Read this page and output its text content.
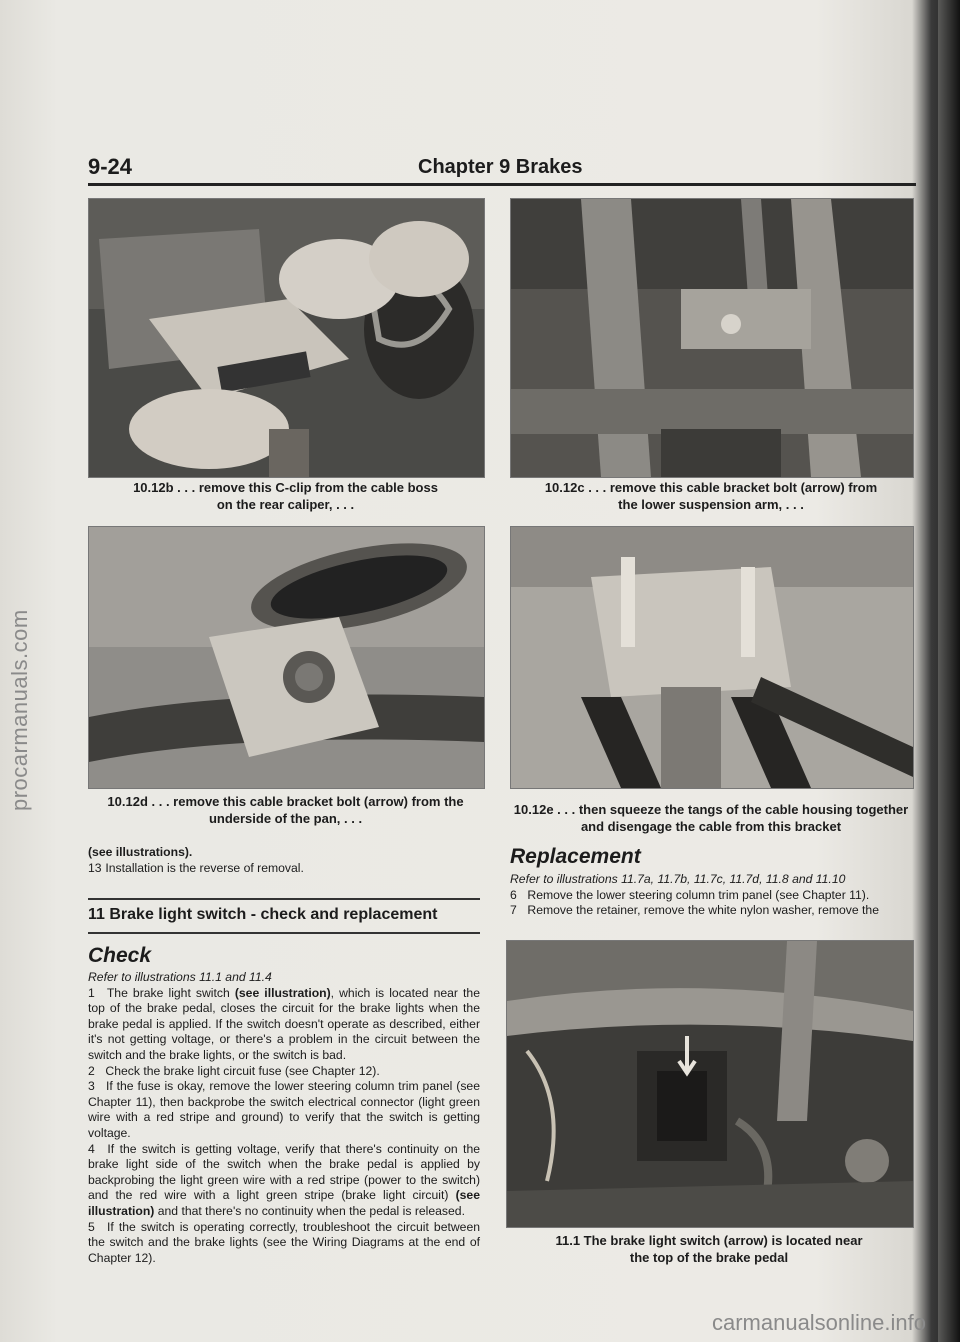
procarmanuals.com
carmanualsonline.info
9-24	Chapter 9 Brakes
10.12b . . . remove this C-clip from the cable boss
on the rear caliper, . . .
10.12c . . . remove this cable bracket bolt (arrow) from
the lower suspension arm, . . .
10.12d . . . remove this cable bracket bolt (arrow) from the
underside of the pan, . . .
10.12e . . . then squeeze the tangs of the cable housing together
and disengage the cable from this bracket

(see illustrations).

13 Installation is the reverse of removal.

11 Brake light switch - check and replacement
Check

Refer to illustrations 11.1 and 11.4

1 The brake light switch (see illustration), which is located near the top of the brake pedal, closes the circuit for the brake lights when the brake pedal is applied. If the switch doesn't operate as described, either it's not getting voltage, or there's a problem in the circuit between the switch and the brake lights, or the switch is bad.

2 Check the brake light circuit fuse (see Chapter 12).

3 If the fuse is okay, remove the lower steering column trim panel (see Chapter 11), then backprobe the switch electrical connector (light green wire with a red stripe and ground) to verify that the switch is getting voltage.

4 If the switch is getting voltage, verify that there's continuity on the brake light side of the switch when the brake pedal is applied by backprobing the light green wire with a red stripe (power to the switch) and the red wire with a light green stripe (brake light circuit) (see illustration) and that there's no continuity when the pedal is released.

5 If the switch is operating correctly, troubleshoot the circuit between the switch and the brake lights (see the Wiring Diagrams at the end of Chapter 12).

Replacement

Refer to illustrations 11.7a, 11.7b, 11.7c, 11.7d, 11.8 and 11.10

6 Remove the lower steering column trim panel (see Chapter 11).

7 Remove the retainer, remove the white nylon washer, remove the

11.1 The brake light switch (arrow) is located near
the top of the brake pedal
